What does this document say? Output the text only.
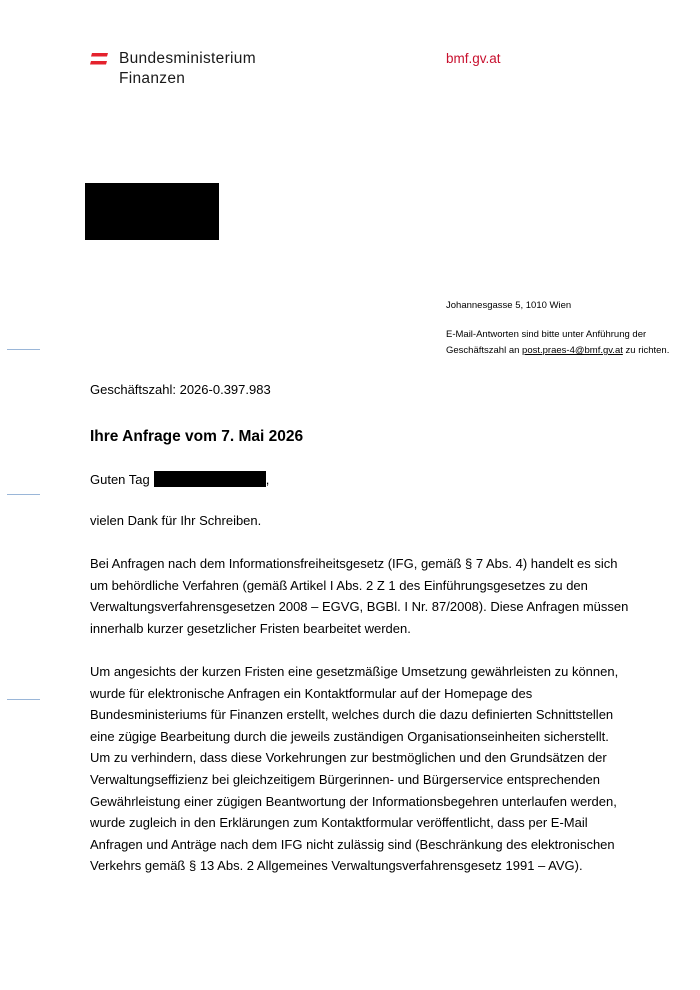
Bundesministerium
Finanzen
bmf.gv.at
Johannesgasse 5, 1010 Wien
E-Mail-Antworten sind bitte unter Anführung der Geschäftszahl an post.praes-4@bmf.gv.at zu richten.
Geschäftszahl: 2026-0.397.983
Ihre Anfrage vom 7. Mai 2026
Guten Tag	,
vielen Dank für Ihr Schreiben.
Bei Anfragen nach dem Informationsfreiheitsgesetz (IFG, gemäß § 7 Abs. 4) handelt es sich um behördliche Verfahren (gemäß Artikel I Abs. 2 Z 1 des Einführungsgesetzes zu den Verwaltungsverfahrensgesetzen 2008 – EGVG, BGBl. I Nr. 87/2008). Diese Anfragen müssen innerhalb kurzer gesetzlicher Fristen bearbeitet werden.
Um angesichts der kurzen Fristen eine gesetzmäßige Umsetzung gewährleisten zu können, wurde für elektronische Anfragen ein Kontaktformular auf der Homepage des Bundesministeriums für Finanzen erstellt, welches durch die dazu definierten Schnittstellen eine zügige Bearbeitung durch die jeweils zuständigen Organisationseinheiten sicherstellt. Um zu verhindern, dass diese Vorkehrungen zur bestmöglichen und den Grundsätzen der Verwaltungseffizienz bei gleichzeitigem Bürgerinnen- und Bürgerservice entsprechenden Gewährleistung einer zügigen Beantwortung der Informationsbegehren unterlaufen werden, wurde zugleich in den Erklärungen zum Kontaktformular veröffentlicht, dass per E-Mail Anfragen und Anträge nach dem IFG nicht zulässig sind (Beschränkung des elektronischen Verkehrs gemäß § 13 Abs. 2 Allgemeines Verwaltungsverfahrensgesetz 1991 – AVG).
